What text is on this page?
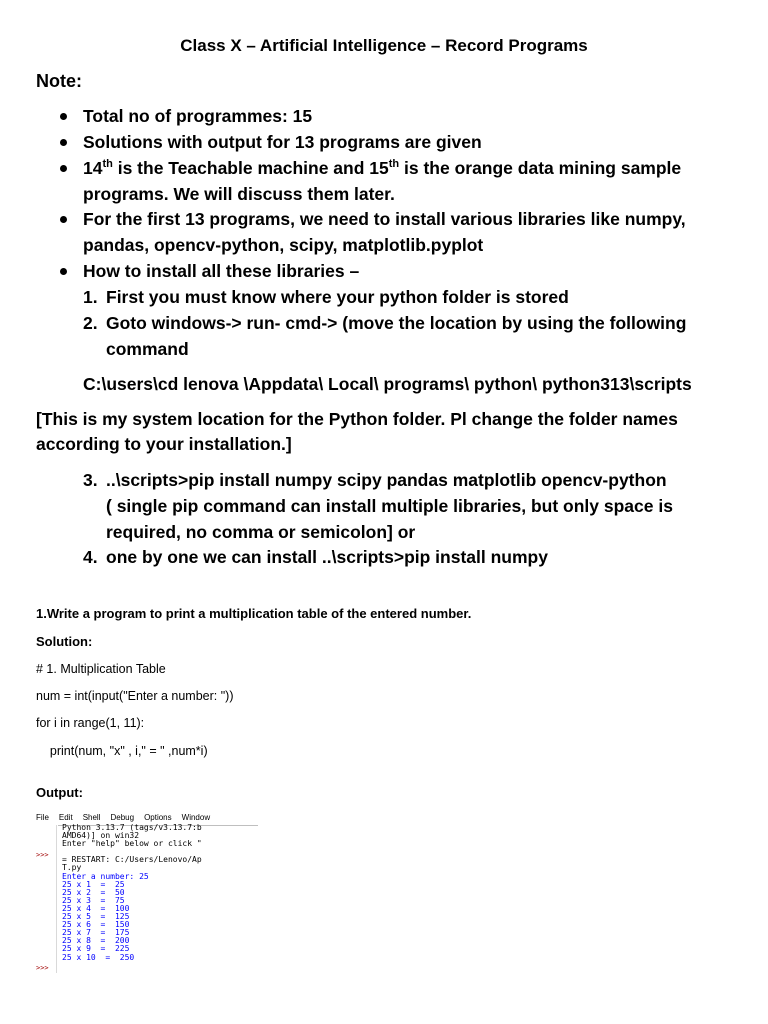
Class X – Artificial Intelligence – Record Programs
Note:
Total no of programmes: 15
Solutions with output for 13 programs are given
14th is the Teachable machine and 15th is the orange data mining sample
programs. We will discuss them later.
For the first 13 programs, we need to install various libraries like numpy,
pandas, opencv-python, scipy, matplotlib.pyplot
How to install all these libraries –
1. First you must know where your python folder is stored
2. Goto windows-> run- cmd-> (move the location by using the following
command
C:\users\cd lenova \Appdata\ Local\ programs\ python\ python313\scripts
[This is my system location for the Python folder. Pl change the folder names
according to your installation.]
3. ..\scripts>pip install numpy scipy pandas matplotlib opencv-python
( single pip command can install multiple libraries, but only space is
required, no comma or semicolon] or
4. one by one we can install ..\scripts>pip install numpy
1.Write a program to print a multiplication table of the entered number.
Solution:
# 1. Multiplication Table
num = int(input("Enter a number: "))
for i in range(1, 11):
print(num, "x" , i," = " ,num*i)
Output:
File Edit Shell Debug Options Window
>>>
>>>
Python 3.13.7 (tags/v3.13.7:b
AMD64)] on win32
Enter "help" below or click "
= RESTART: C:/Users/Lenovo/Ap
T.py
Enter a number: 25
25 x 1  =  25
25 x 2  =  50
25 x 3  =  75
25 x 4  =  100
25 x 5  =  125
25 x 6  =  150
25 x 7  =  175
25 x 8  =  200
25 x 9  =  225
25 x 10  =  250
